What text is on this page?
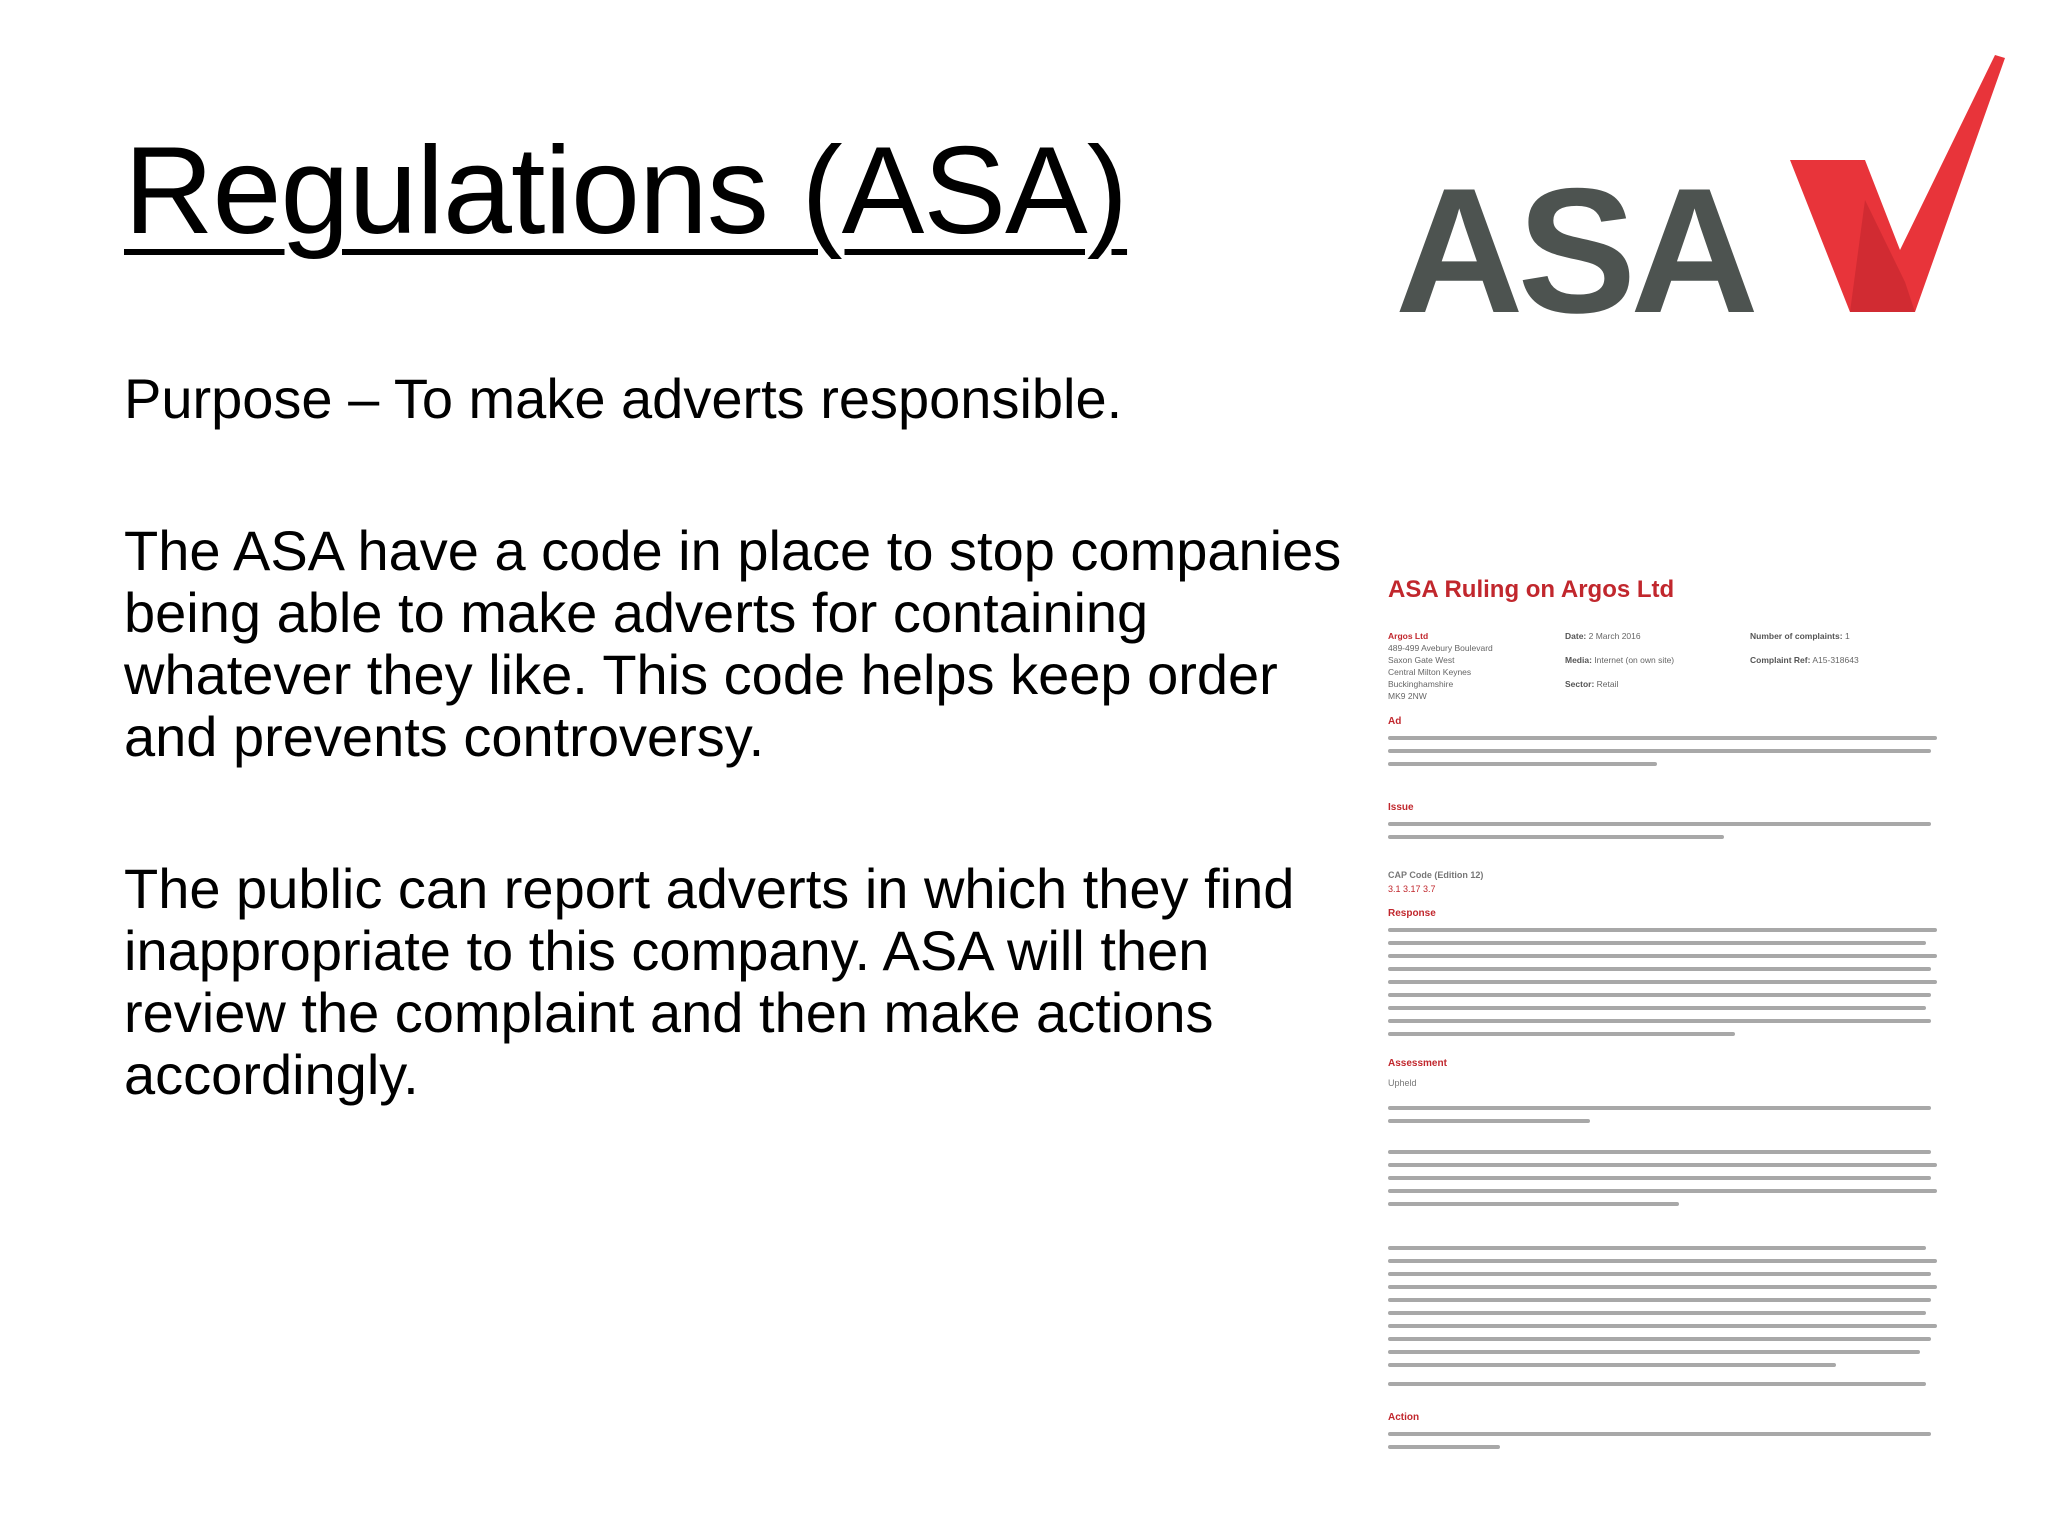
Regulations (ASA)

Purpose – To make adverts responsible.

The ASA have a code in place to stop companies being able to make adverts for containing whatever they like. This code helps keep order and prevents controversy.

The public can report adverts in which they find inappropriate to this company. ASA will then review the complaint and then make actions accordingly.

ASA
ASA Ruling on Argos Ltd

Argos Ltd

489-499 Avebury Boulevard
Saxon Gate West
Central Milton Keynes
Buckinghamshire
MK9 2NW

Date: 2 March 2016

Media: Internet (on own site)

Sector: Retail

Number of complaints: 1

Complaint Ref: A15-318643

Ad
Issue
CAP Code (Edition 12)
3.1 3.17 3.7
Response
Assessment
Upheld
Action
